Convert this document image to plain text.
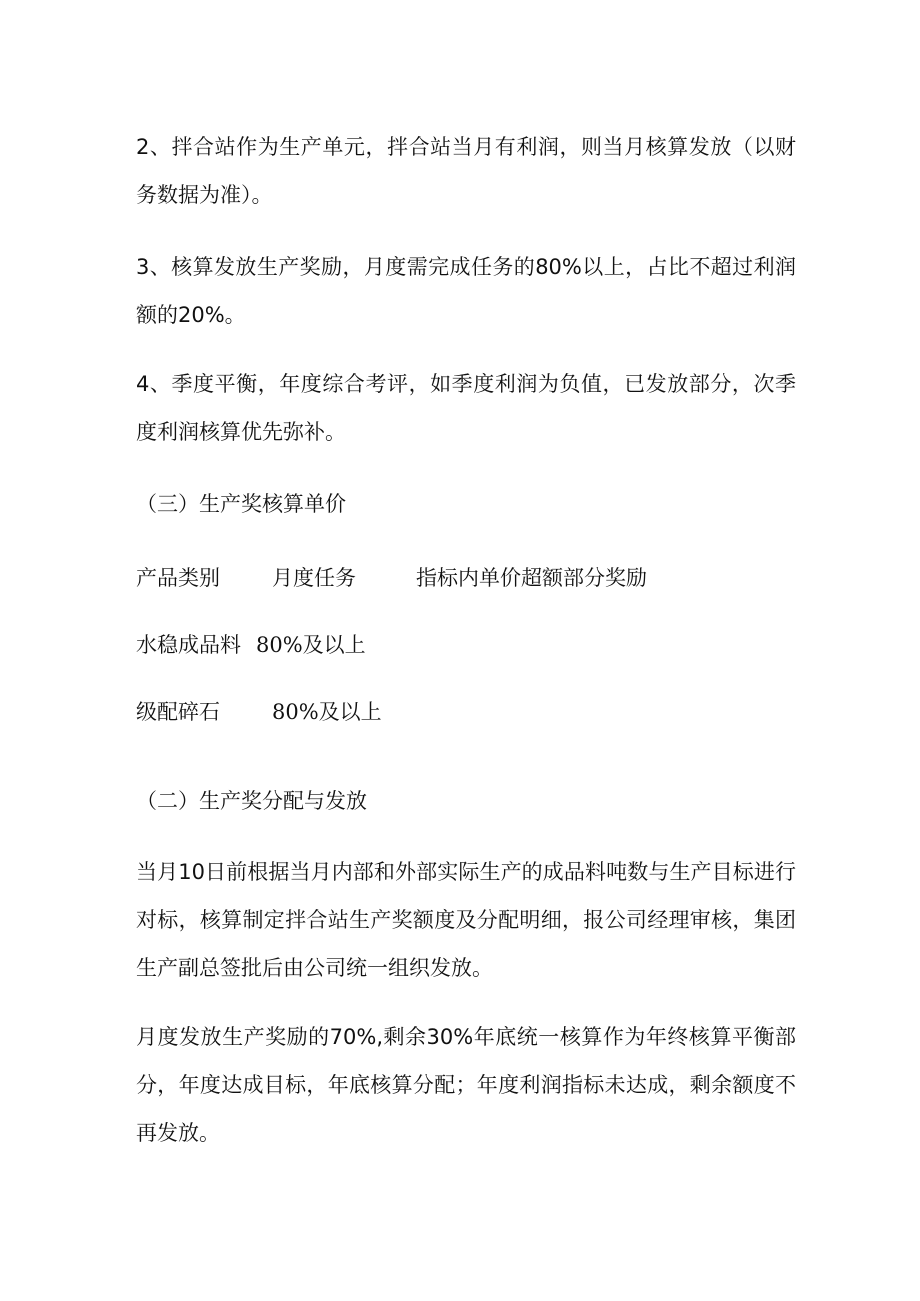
2、拌合站作为生产单元，拌合站当月有利润，则当月核算发放（以财务数据为准）。

3、核算发放生产奖励，月度需完成任务的80%以上，占比不超过利润额的20%。

4、季度平衡，年度综合考评，如季度利润为负值，已发放部分，次季度利润核算优先弥补。

（三）生产奖核算单价

产品类别 月度任务	指标内单价超额部分奖励
水稳成品料 80%及以上
级配碎石 80%及以上

（二）生产奖分配与发放

当月10日前根据当月内部和外部实际生产的成品料吨数与生产目标进行对标，核算制定拌合站生产奖额度及分配明细，报公司经理审核，集团生产副总签批后由公司统一组织发放。

月度发放生产奖励的70%,剩余30%年底统一核算作为年终核算平衡部分，年度达成目标，年底核算分配；年度利润指标未达成，剩余额度不再发放。
